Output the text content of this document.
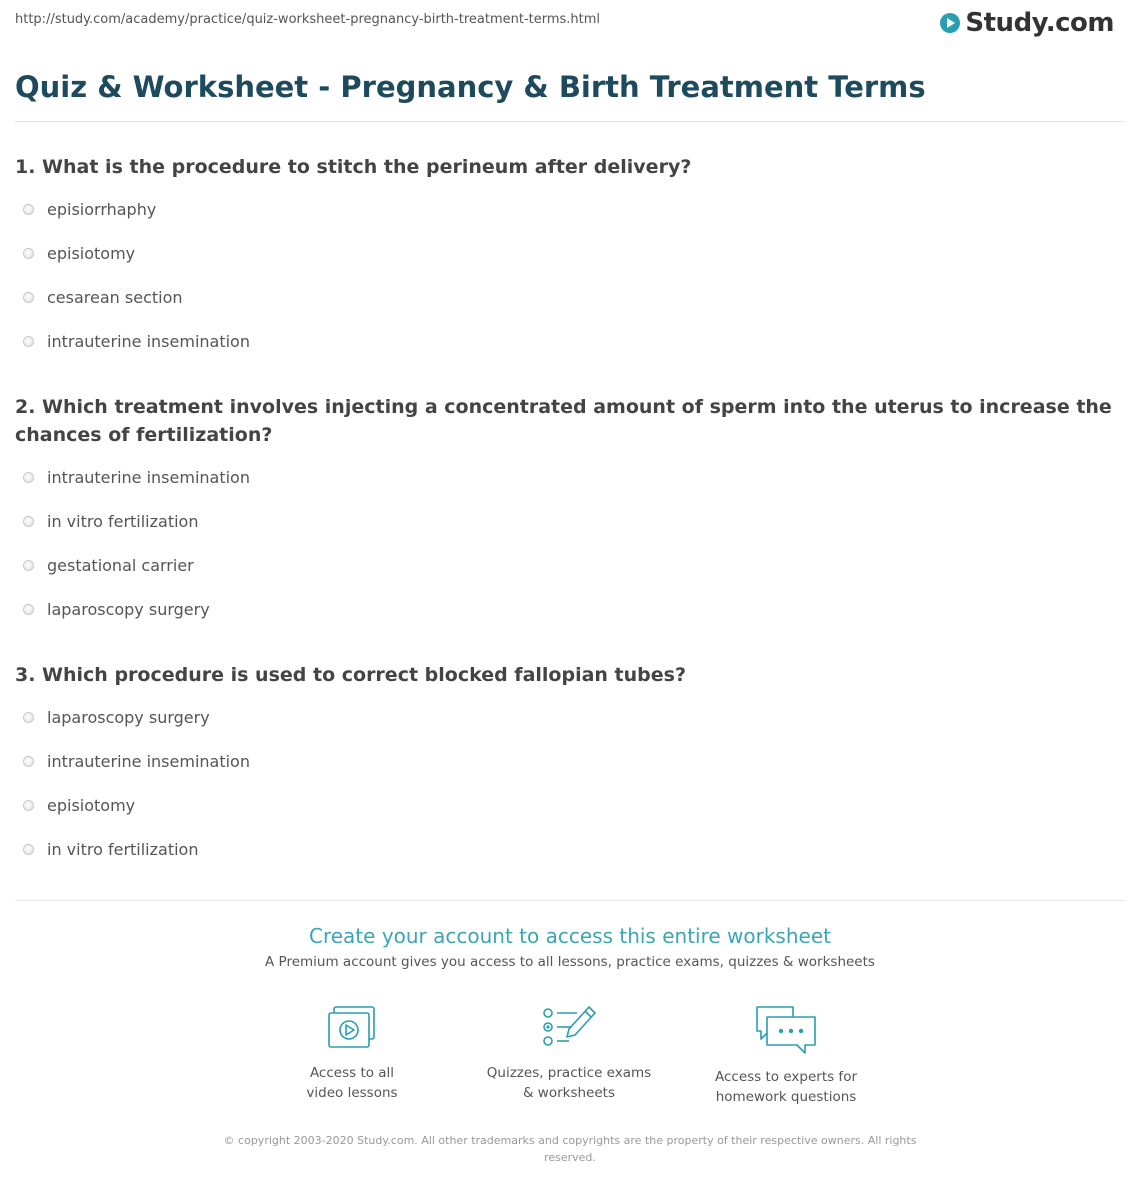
http://study.com/academy/practice/quiz-worksheet-pregnancy-birth-treatment-terms.html	Study.com
Quiz & Worksheet - Pregnancy & Birth Treatment Terms
1. What is the procedure to stitch the perineum after delivery?
episiorrhaphy
episiotomy
cesarean section
intrauterine insemination
2. Which treatment involves injecting a concentrated amount of sperm into the uterus to increase the chances of fertilization?
intrauterine insemination
in vitro fertilization
gestational carrier
laparoscopy surgery
3. Which procedure is used to correct blocked fallopian tubes?
laparoscopy surgery
intrauterine insemination
episiotomy
in vitro fertilization
Create your account to access this entire worksheet
A Premium account gives you access to all lessons, practice exams, quizzes & worksheets
Access to all
video lessons
Quizzes, practice exams
& worksheets
Access to experts for
homework questions
© copyright 2003-2020 Study.com. All other trademarks and copyrights are the property of their respective owners. All rights
reserved.
